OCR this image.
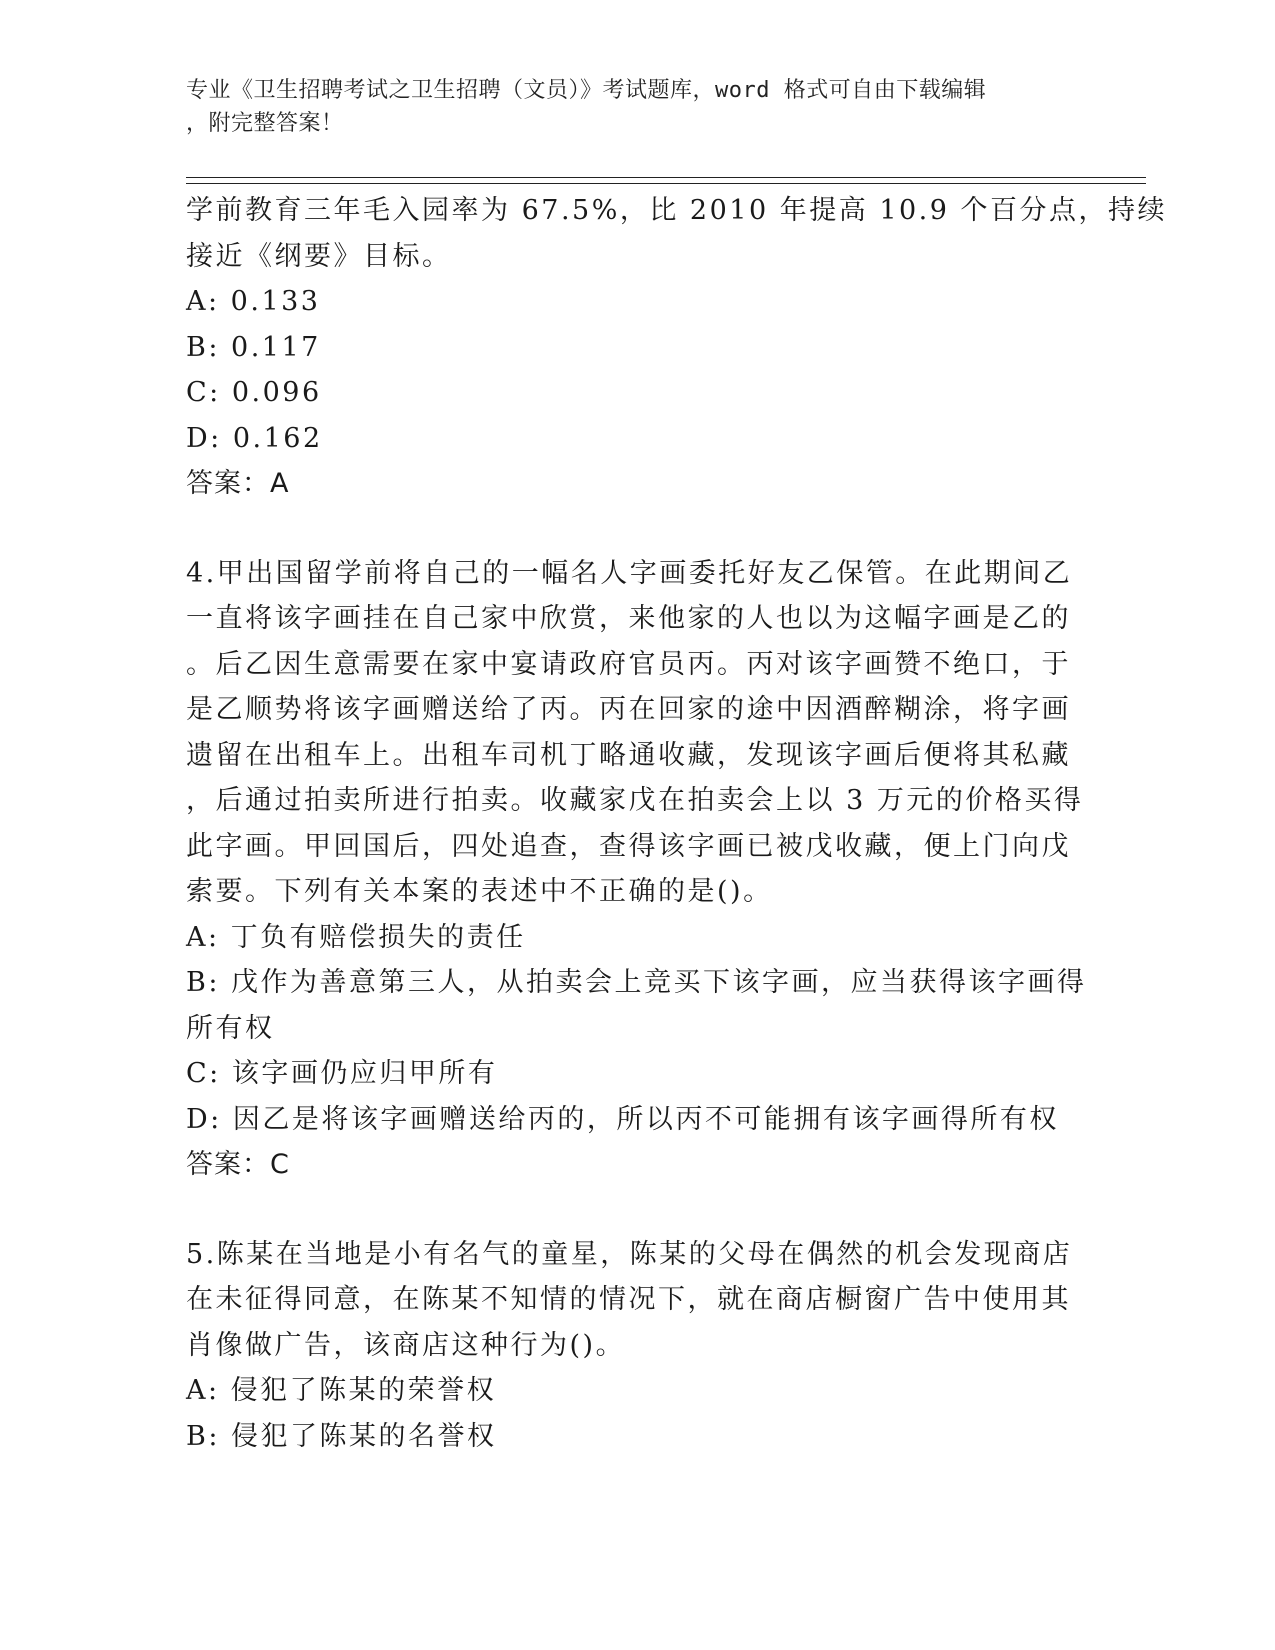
专业《卫生招聘考试之卫生招聘（文员）》考试题库，word 格式可自由下载编辑
，附完整答案！
学前教育三年毛入园率为 67.5%，比 2010 年提高 10.9 个百分点，持续
接近《纲要》目标。
A: 0.133
B: 0.117
C: 0.096
D: 0.162
答案：A
4.甲出国留学前将自己的一幅名人字画委托好友乙保管。在此期间乙
一直将该字画挂在自己家中欣赏，来他家的人也以为这幅字画是乙的
。后乙因生意需要在家中宴请政府官员丙。丙对该字画赞不绝口，于
是乙顺势将该字画赠送给了丙。丙在回家的途中因酒醉糊涂，将字画
遗留在出租车上。出租车司机丁略通收藏，发现该字画后便将其私藏
，后通过拍卖所进行拍卖。收藏家戊在拍卖会上以 3 万元的价格买得
此字画。甲回国后，四处追查，查得该字画已被戊收藏，便上门向戊
索要。下列有关本案的表述中不正确的是()。
A: 丁负有赔偿损失的责任
B: 戊作为善意第三人，从拍卖会上竞买下该字画，应当获得该字画得
所有权
C: 该字画仍应归甲所有
D: 因乙是将该字画赠送给丙的，所以丙不可能拥有该字画得所有权
答案：C
5.陈某在当地是小有名气的童星，陈某的父母在偶然的机会发现商店
在未征得同意，在陈某不知情的情况下，就在商店橱窗广告中使用其
肖像做广告，该商店这种行为()。
A: 侵犯了陈某的荣誉权
B: 侵犯了陈某的名誉权
